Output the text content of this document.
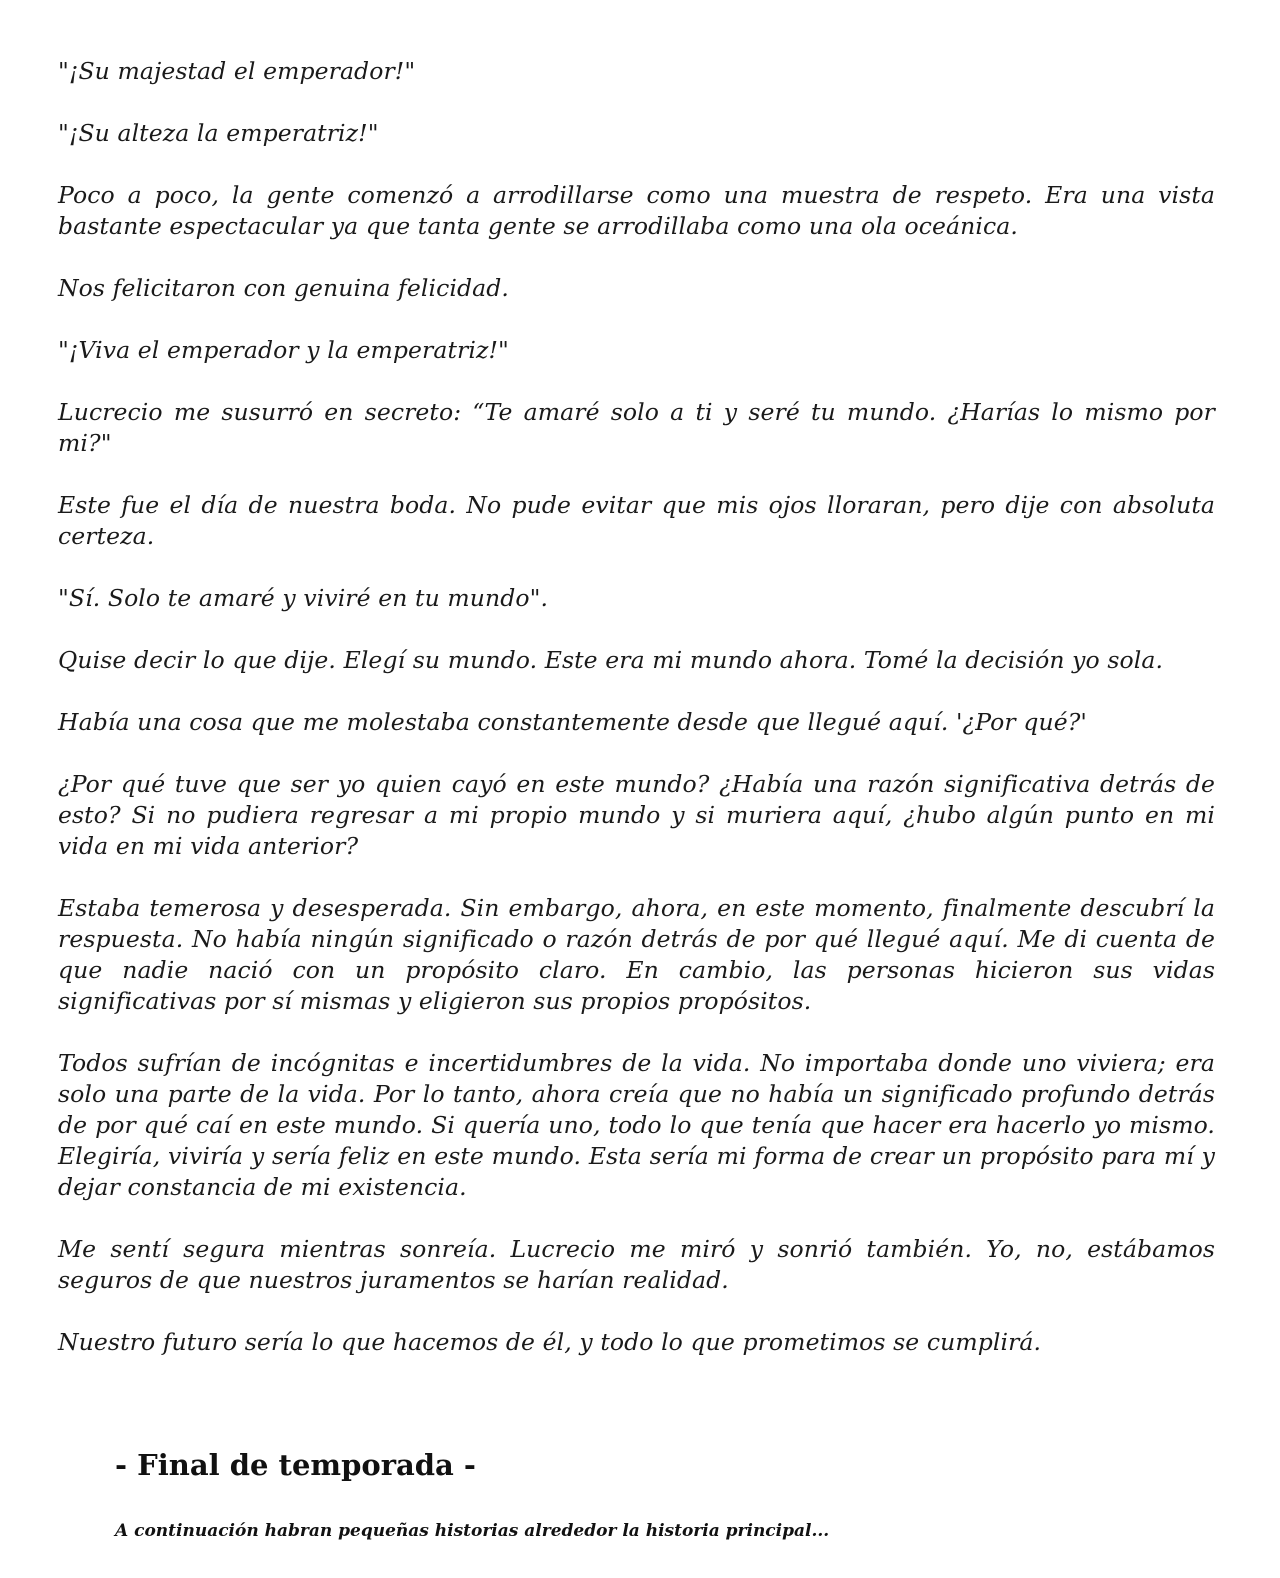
"¡Su majestad el emperador!"

"¡Su alteza la emperatriz!"

Poco a poco, la gente comenzó a arrodillarse como una muestra de respeto. Era una vista bastante espectacular ya que tanta gente se arrodillaba como una ola oceánica.

Nos felicitaron con genuina felicidad.

"¡Viva el emperador y la emperatriz!"

Lucrecio me susurró en secreto: “Te amaré solo a ti y seré tu mundo. ¿Harías lo mismo por mi?"

Este fue el día de nuestra boda. No pude evitar que mis ojos lloraran, pero dije con absoluta certeza.

"Sí. Solo te amaré y viviré en tu mundo".

Quise decir lo que dije. Elegí su mundo. Este era mi mundo ahora. Tomé la decisión yo sola.

Había una cosa que me molestaba constantemente desde que llegué aquí. '¿Por qué?'

¿Por qué tuve que ser yo quien cayó en este mundo? ¿Había una razón significativa detrás de esto? Si no pudiera regresar a mi propio mundo y si muriera aquí, ¿hubo algún punto en mi vida en mi vida anterior?

Estaba temerosa y desesperada. Sin embargo, ahora, en este momento, finalmente descubrí la respuesta. No había ningún significado o razón detrás de por qué llegué aquí. Me di cuenta de que nadie nació con un propósito claro. En cambio, las personas hicieron sus vidas significativas por sí mismas y eligieron sus propios propósitos.

Todos sufrían de incógnitas e incertidumbres de la vida. No importaba donde uno viviera; era solo una parte de la vida. Por lo tanto, ahora creía que no había un significado profundo detrás de por qué caí en este mundo. Si quería uno, todo lo que tenía que hacer era hacerlo yo mismo. Elegiría, viviría y sería feliz en este mundo. Esta sería mi forma de crear un propósito para mí y dejar constancia de mi existencia.

Me sentí segura mientras sonreía. Lucrecio me miró y sonrió también. Yo, no, estábamos seguros de que nuestros juramentos se harían realidad.

Nuestro futuro sería lo que hacemos de él, y todo lo que prometimos se cumplirá.

- Final de temporada -

A continuación habran pequeñas historias alrededor la historia principal...
